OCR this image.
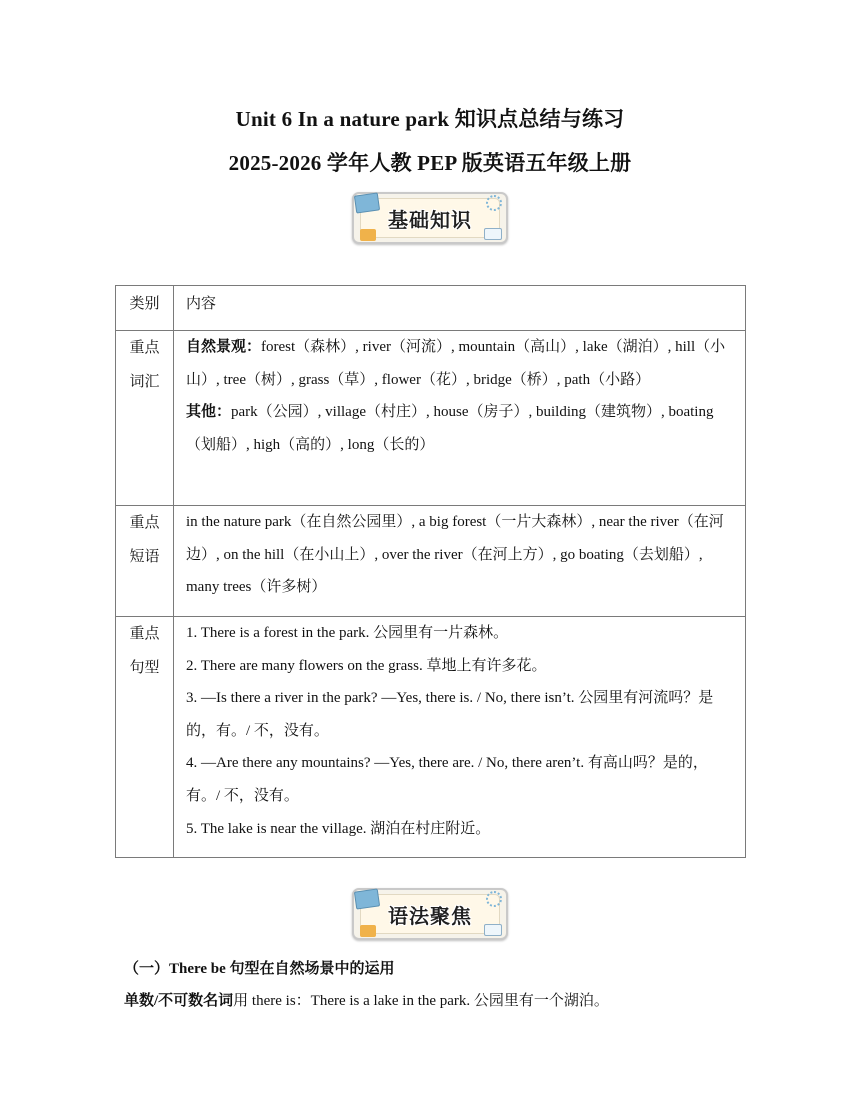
Unit 6 In a nature park 知识点总结与练习
2025-2026 学年人教 PEP 版英语五年级上册
基础知识
类别	内容

重点
词汇	自然景观：forest（森林）, river（河流）, mountain（高山）, lake（湖泊）, hill（小山）, tree（树）, grass（草）, flower（花）, bridge（桥）, path（小路）
其他：park（公园）, village（村庄）, house（房子）, building（建筑物）, boating（划船）, high（高的）, long（长的）

重点
短语	in the nature park（在自然公园里）, a big forest（一片大森林）, near the river（在河边）, on the hill（在小山上）, over the river（在河上方）, go boating（去划船）, many trees（许多树）

重点
句型	1. There is a forest in the park. 公园里有一片森林。
2. There are many flowers on the grass. 草地上有许多花。
3. —Is there a river in the park? —Yes, there is. / No, there isn’t. 公园里有河流吗？是的，有。/ 不，没有。
4. —Are there any mountains? —Yes, there are. / No, there aren’t. 有高山吗？是的，有。/ 不，没有。
5. The lake is near the village. 湖泊在村庄附近。
语法聚焦
（一）There be 句型在自然场景中的运用
单数/不可数名词用 there is：There is a lake in the park. 公园里有一个湖泊。
